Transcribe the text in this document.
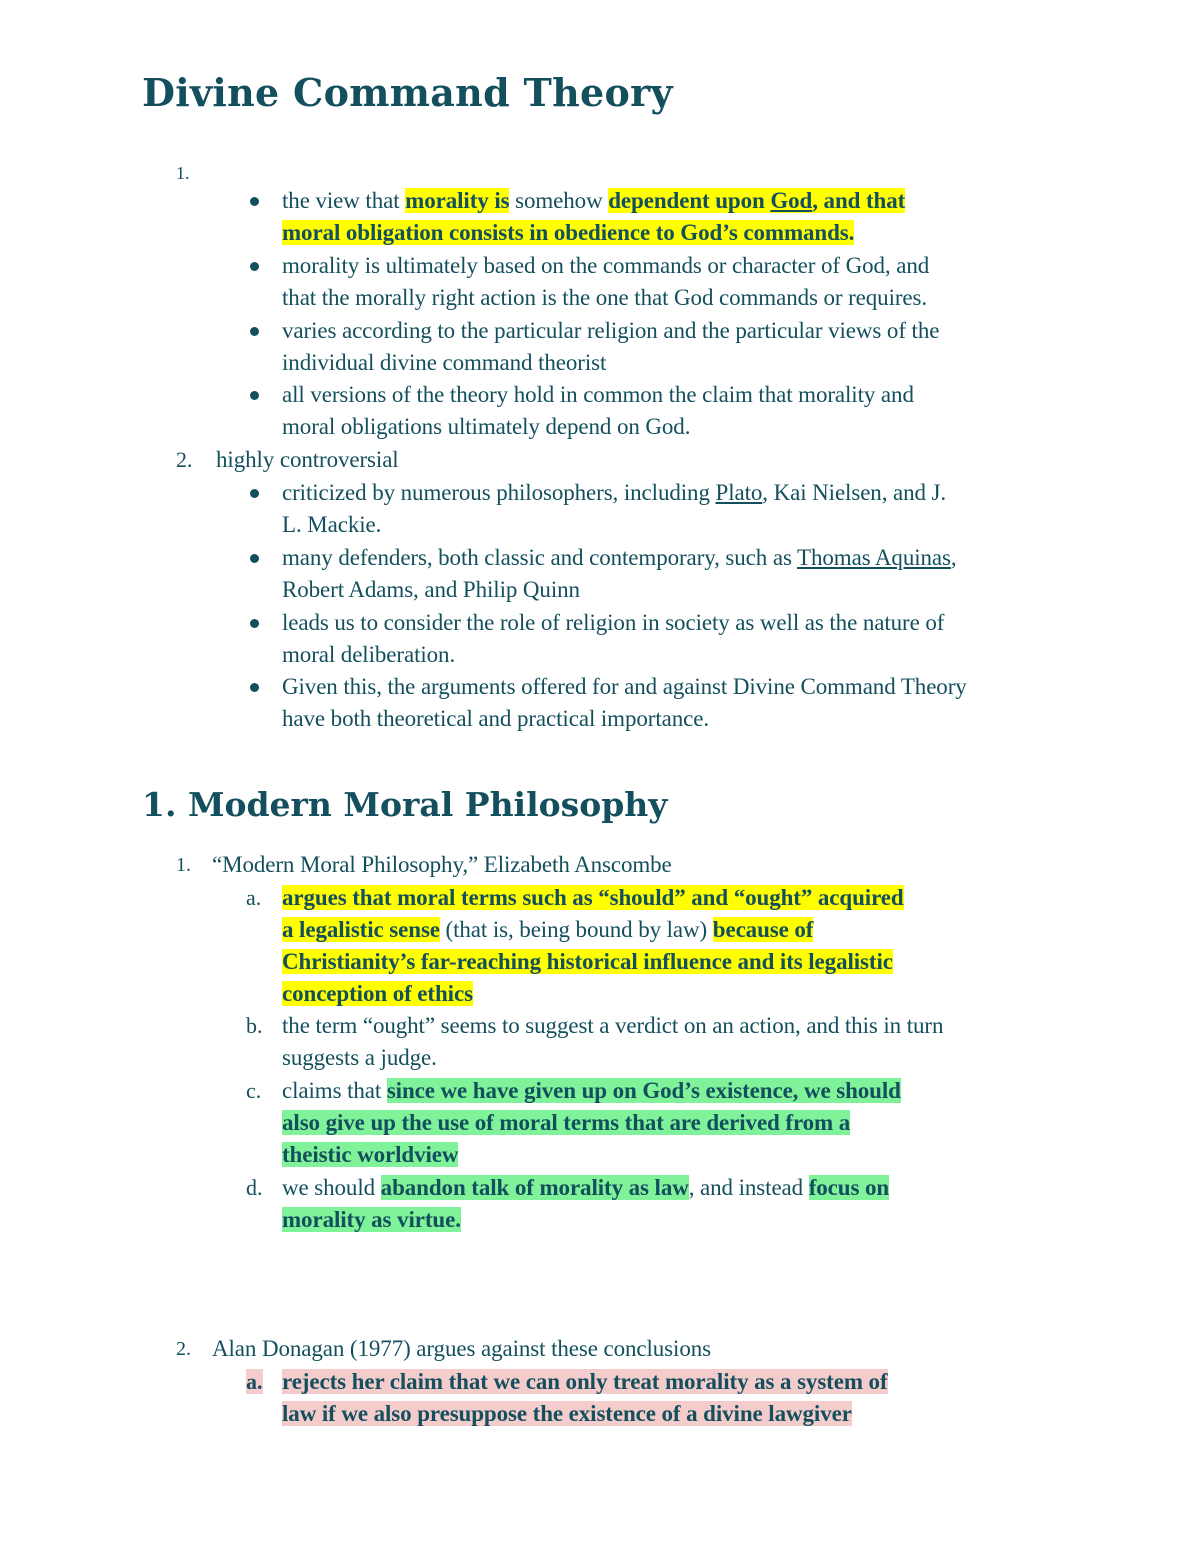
Divine Command Theory
1.
the view that morality is somehow dependent upon God, and that
moral obligation consists in obedience to God’s commands.
morality is ultimately based on the commands or character of God, and
that the morally right action is the one that God commands or requires.
varies according to the particular religion and the particular views of the
individual divine command theorist
all versions of the theory hold in common the claim that morality and
moral obligations ultimately depend on God.
2. highly controversial
criticized by numerous philosophers, including Plato, Kai Nielsen, and J.
L. Mackie.
many defenders, both classic and contemporary, such as Thomas Aquinas,
Robert Adams, and Philip Quinn
leads us to consider the role of religion in society as well as the nature of
moral deliberation.
Given this, the arguments offered for and against Divine Command Theory
have both theoretical and practical importance.
1. Modern Moral Philosophy
1. “Modern Moral Philosophy,” Elizabeth Anscombe
a. argues that moral terms such as “should” and “ought” acquired
a legalistic sense (that is, being bound by law) because of
Christianity’s far-reaching historical influence and its legalistic
conception of ethics
b. the term “ought” seems to suggest a verdict on an action, and this in turn
suggests a judge.
c. claims that since we have given up on God’s existence, we should
also give up the use of moral terms that are derived from a
theistic worldview
d. we should abandon talk of morality as law, and instead focus on
morality as virtue.
2. Alan Donagan (1977) argues against these conclusions
a. rejects her claim that we can only treat morality as a system of
law if we also presuppose the existence of a divine lawgiver
